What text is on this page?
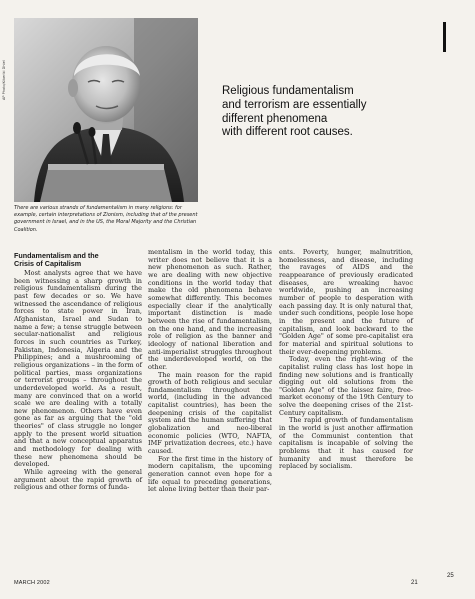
AP Photo/Kikeriki Dhiel
There are various strands of fundamentalism in many religions: for example, certain interpretations of Zionism, including that of the present government in Israel, and in the US, the Moral Majority and the Christian Coalition.
Religious fundamentalism
and terrorism are essentially
different phenomena
with different root causes.
Fundamentalism and the
Crisis of Capitalism

Most analysts agree that we have been witnessing a sharp growth in religious fundamentalism during the past few decades or so. We have witnessed the ascendance of religious forces to state power in Iran, Afghanistan, Israel and Sudan to name a few; a tense struggle between secular-nationalist and religious forces in such countries as Turkey, Pakistan, Indonesia, Algeria and the Philippines; and a mushrooming of religious organizations – in the form of political parties, mass organizations or terrorist groups – throughout the underdeveloped world. As a result, many are convinced that on a world scale we are dealing with a totally new phenomenon. Others have even gone as far as arguing that the "old theories" of class struggle no longer apply to the present world situation and that a new conceptual apparatus and methodology for dealing with these new phenomena should be developed.

While agreeing with the general argument about the rapid growth of religious and other forms of funda-

mentalism in the world today, this writer does not believe that it is a new phenomenon as such. Rather, we are dealing with new objective conditions in the world today that make the old phenomena behave somewhat differently. This becomes especially clear if the analytically important distinction is made between the rise of fundamentalism, on the one hand, and the increasing role of religion as the banner and ideology of national liberation and anti-imperialist struggles throughout the underdeveloped world, on the other.

The main reason for the rapid growth of both religious and secular fundamentalism throughout the world, (including in the advanced capitalist countries), has been the deepening crisis of the capitalist system and the human suffering that globalization and neo-liberal economic policies (WTO, NAFTA, IMF privatization decrees, etc.) have caused.

For the first time in the history of modern capitalism, the upcoming generation cannot even hope for a life equal to preceding generations, let alone living better than their par-

ents. Poverty, hunger, malnutrition, homelessness, and disease, including the ravages of AIDS and the reappearance of previously eradicated diseases, are wreaking havoc worldwide, pushing an increasing number of people to desperation with each passing day. It is only natural that, under such conditions, people lose hope in the present and the future of capitalism, and look backward to the "Golden Age" of some pre-capitalist era for material and spiritual solutions to their ever-deepening problems.

Today, even the right-wing of the capitalist ruling class has lost hope in finding new solutions and is frantically digging out old solutions from the "Golden Age" of the laissez faire, free-market economy of the 19th Century to solve the deepening crises of the 21st-Century capitalism.

The rapid growth of fundamentalism in the world is just another affirmation of the Communist contention that capitalism is incapable of solving the problems that it has caused for humanity and must therefore be replaced by socialism.

MARCH 2002	21
25
